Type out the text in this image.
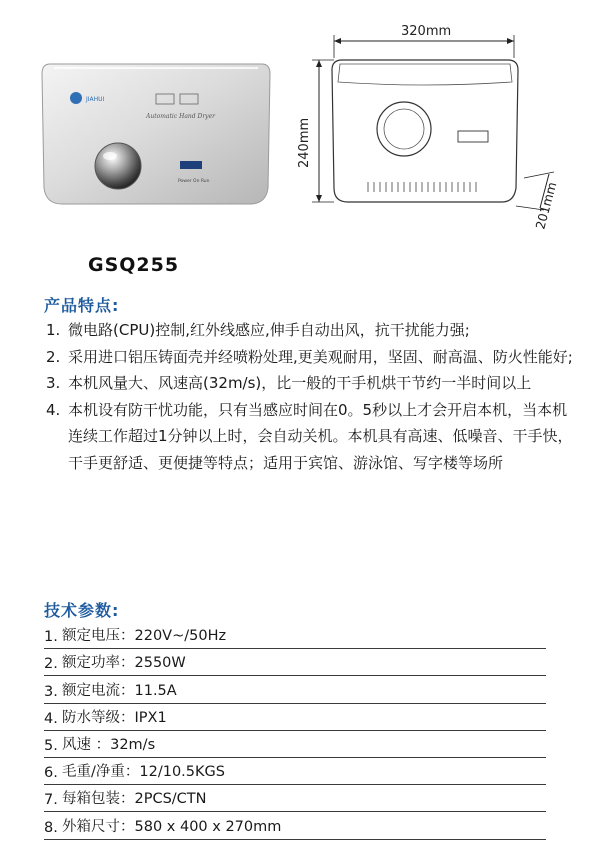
JIAHUI
Automatic Hand Dryer
Power On Run
320mm
240mm
201mm
GSQ255
产品特点:
1. 微电路(CPU)控制,红外线感应,伸手自动出风，抗干扰能力强;
2. 采用进口铝压铸面壳并经喷粉处理,更美观耐用，坚固、耐高温、防火性能好;
3. 本机风量大、风速高(32m/s)，比一般的干手机烘干节约一半时间以上
4. 本机设有防干忧功能，只有当感应时间在0。5秒以上才会开启本机，当本机连续工作超过1分钟以上时，会自动关机。本机具有高速、低噪音、干手快，干手更舒适、更便捷等特点；适用于宾馆、游泳馆、写字楼等场所
技术参数:
1. 额定电压：220V~/50Hz
2. 额定功率：2550W
3. 额定电流：11.5A
4. 防水等级：IPX1
5. 风速 ：32m/s
6. 毛重/净重：12/10.5KGS
7. 每箱包装：2PCS/CTN
8. 外箱尺寸：580 x 400 x 270mm
